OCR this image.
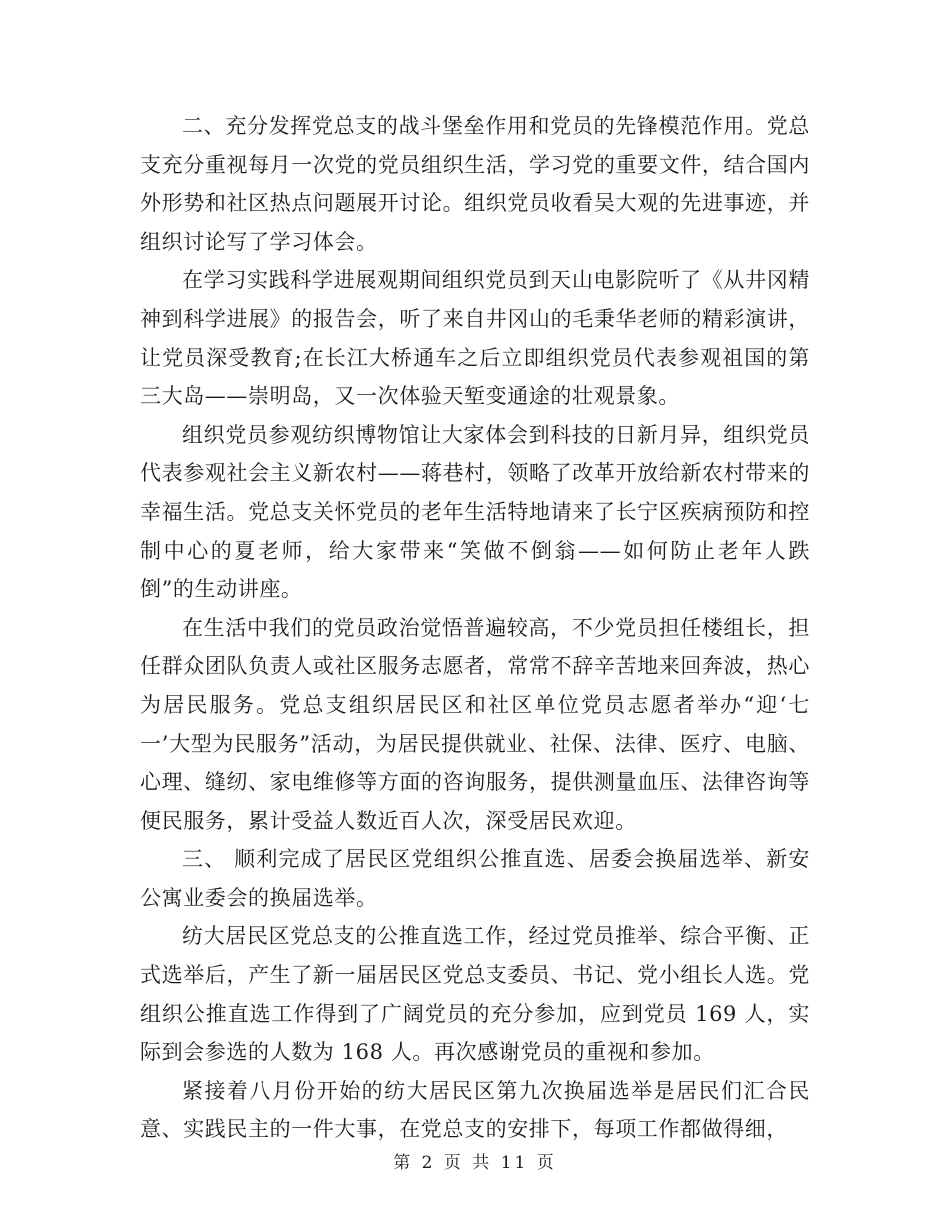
二、充分发挥党总支的战斗堡垒作用和党员的先锋模范作用。党总支充分重视每月一次党的党员组织生活，学习党的重要文件，结合国内外形势和社区热点问题展开讨论。组织党员收看吴大观的先进事迹，并组织讨论写了学习体会。

在学习实践科学进展观期间组织党员到天山电影院听了《从井冈精神到科学进展》的报告会，听了来自井冈山的毛秉华老师的精彩演讲，让党员深受教育;在长江大桥通车之后立即组织党员代表参观祖国的第三大岛——崇明岛，又一次体验天堑变通途的壮观景象。

组织党员参观纺织博物馆让大家体会到科技的日新月异，组织党员代表参观社会主义新农村——蒋巷村，领略了改革开放给新农村带来的幸福生活。党总支关怀党员的老年生活特地请来了长宁区疾病预防和控制中心的夏老师，给大家带来“笑做不倒翁——如何防止老年人跌倒”的生动讲座。

在生活中我们的党员政治觉悟普遍较高，不少党员担任楼组长，担任群众团队负责人或社区服务志愿者，常常不辞辛苦地来回奔波，热心为居民服务。党总支组织居民区和社区单位党员志愿者举办“迎‘七一’大型为民服务”活动，为居民提供就业、社保、法律、医疗、电脑、心理、缝纫、家电维修等方面的咨询服务，提供测量血压、法律咨询等便民服务，累计受益人数近百人次，深受居民欢迎。

三、 顺利完成了居民区党组织公推直选、居委会换届选举、新安公寓业委会的换届选举。

纺大居民区党总支的公推直选工作，经过党员推举、综合平衡、正式选举后，产生了新一届居民区党总支委员、书记、党小组长人选。党组织公推直选工作得到了广阔党员的充分参加，应到党员 169 人，实际到会参选的人数为 168 人。再次感谢党员的重视和参加。

紧接着八月份开始的纺大居民区第九次换届选举是居民们汇合民意、实践民主的一件大事，在党总支的安排下，每项工作都做得细，

第 2 页 共 11 页
